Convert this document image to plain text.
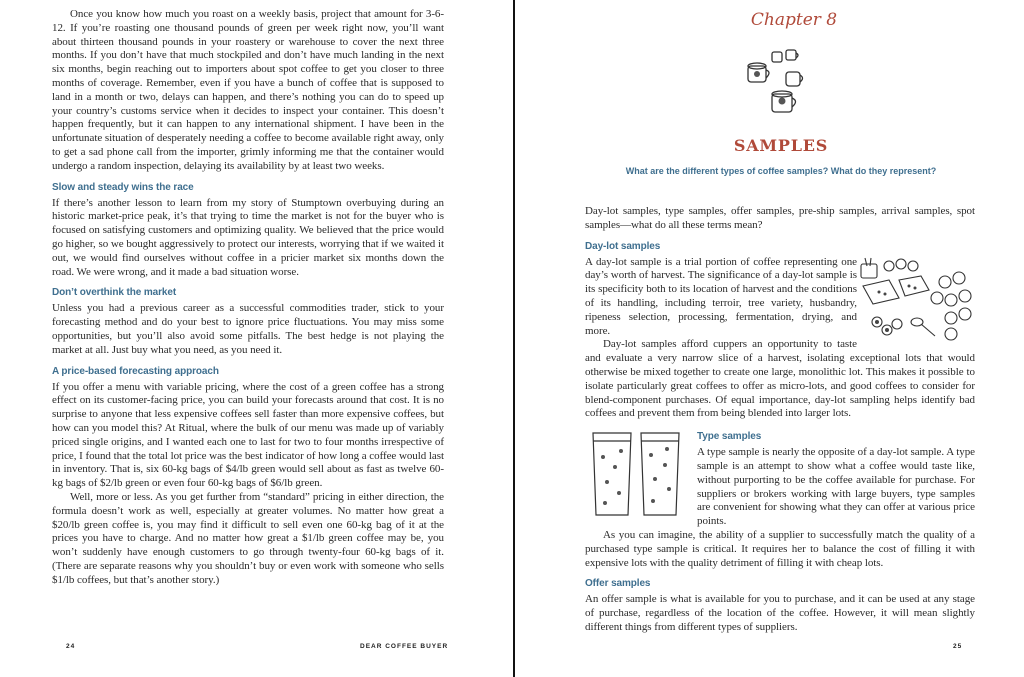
Once you know how much you roast on a weekly basis, project that amount for 3-6-12. If you’re roasting one thousand pounds of green per week right now, you’ll want about thirteen thousand pounds in your roastery or warehouse to cover the next three months. If you don’t have that much stockpiled and don’t have much landing in the next six months, begin reaching out to importers about spot coffee to get you closer to three months of coverage. Remember, even if you have a bunch of coffee that is supposed to land in a month or two, delays can happen, and there’s nothing you can do to speed up your country’s customs service when it decides to inspect your container. This doesn’t happen frequently, but it can happen to any international shipment. I have been in the unfortunate situation of desperately needing a coffee to become available right away, only to get a sad phone call from the importer, grimly informing me that the container would undergo a random inspection, delaying its availability by at least two weeks.

Slow and steady wins the race

If there’s another lesson to learn from my story of Stumptown overbuying during an historic market-price peak, it’s that trying to time the market is not for the buyer who is focused on satisfying customers and optimizing quality. We believed that the price would go higher, so we bought aggressively to protect our interests, worrying that if we waited it out, we would find ourselves without coffee in a pricier market six months down the road. We were wrong, and it made a bad situation worse.

Don’t overthink the market

Unless you had a previous career as a successful commodities trader, stick to your forecasting method and do your best to ignore price fluctuations. You may miss some opportunities, but you’ll also avoid some pitfalls. The best hedge is not playing the market at all. Just buy what you need, as you need it.

A price-based forecasting approach

If you offer a menu with variable pricing, where the cost of a green coffee has a strong effect on its customer-facing price, you can build your forecasts around that cost. It is no surprise to anyone that less expensive coffees sell faster than more expensive coffees, but how can you model this? At Ritual, where the bulk of our menu was made up of variably priced single origins, and I wanted each one to last for two to four months irrespective of price, I found that the total lot price was the best indicator of how long a coffee would last in inventory. That is, six 60-kg bags of $4/lb green would sell about as fast as twelve 60-kg bags of $2/lb green or even four 60-kg bags of $6/lb green.

Well, more or less. As you get further from “standard” pricing in either direction, the formula doesn’t work as well, especially at greater volumes. No matter how great a $20/lb green coffee is, you may find it difficult to sell even one 60-kg bag of it at the prices you have to charge. And no matter how great a $1/lb green coffee may be, you won’t suddenly have enough customers to go through twenty-four 60-kg bags of it. (There are separate reasons why you shouldn’t buy or even work with someone who sells $1/lb coffees, but that’s another story.)

24	DEAR COFFEE BUYER
Chapter 8
SAMPLES
What are the different types of coffee samples? What do they represent?

Day-lot samples, type samples, offer samples, pre-ship samples, arrival samples, spot samples—what do all these terms mean?

Day-lot samples

A day-lot sample is a trial portion of coffee representing one day’s worth of harvest. The significance of a day-lot sample is its specificity both to its location of harvest and the conditions of its handling, including terroir, tree variety, husbandry, ripeness selection, processing, fermentation, drying, and more.

Day-lot samples afford cuppers an opportunity to taste and evaluate a very narrow slice of a harvest, isolating exceptional lots that would otherwise be mixed together to create one large, monolithic lot. This makes it possible to isolate particularly great coffees to offer as micro-lots, and good coffees to consider for blend-component purchases. Of equal importance, day-lot sampling helps identify bad coffees and prevent them from being blended into larger lots.

Type samples

A type sample is nearly the opposite of a day-lot sample. A type sample is an attempt to show what a coffee would taste like, without purporting to be the coffee available for purchase. For suppliers or brokers working with large buyers, type samples are convenient for showing what they can offer at various price points.

As you can imagine, the ability of a supplier to successfully match the quality of a purchased type sample is critical. It requires her to balance the cost of filling it with expensive lots with the quality detriment of filling it with cheap lots.

Offer samples

An offer sample is what is available for you to purchase, and it can be used at any stage of purchase, regardless of the location of the coffee. However, it will mean slightly different things from different types of suppliers.

25
